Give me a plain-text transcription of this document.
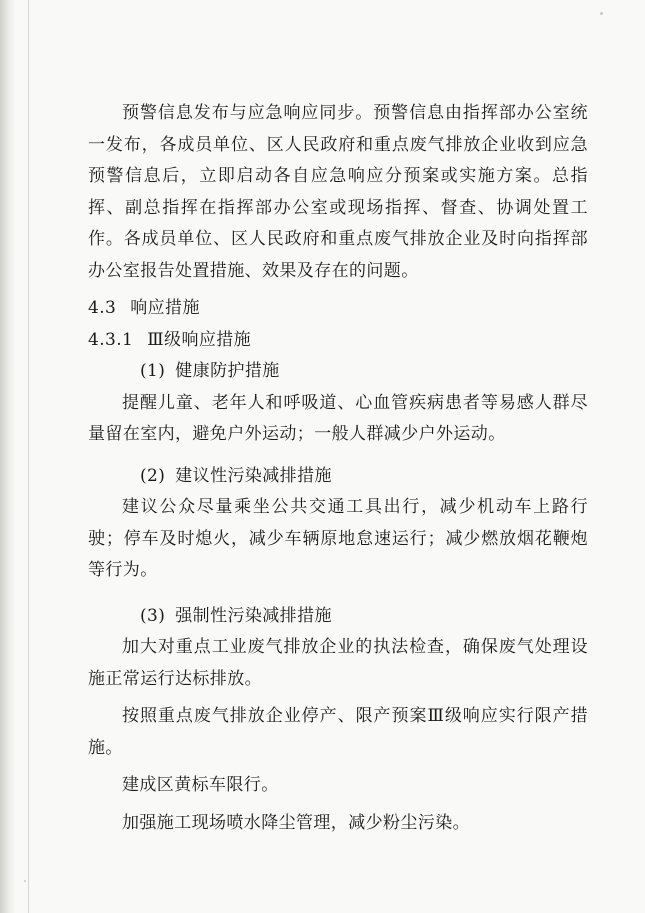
预警信息发布与应急响应同步。预警信息由指挥部办公室统一发布，各成员单位、区人民政府和重点废气排放企业收到应急预警信息后，立即启动各自应急响应分预案或实施方案。总指挥、副总指挥在指挥部办公室或现场指挥、督查、协调处置工作。各成员单位、区人民政府和重点废气排放企业及时向指挥部办公室报告处置措施、效果及存在的问题。

4.3 响应措施

4.3.1 Ⅲ级响应措施

(1) 健康防护措施

提醒儿童、老年人和呼吸道、心血管疾病患者等易感人群尽量留在室内，避免户外运动；一般人群减少户外运动。

(2) 建议性污染减排措施

建议公众尽量乘坐公共交通工具出行，减少机动车上路行驶；停车及时熄火，减少车辆原地怠速运行；减少燃放烟花鞭炮等行为。

(3) 强制性污染减排措施

加大对重点工业废气排放企业的执法检查，确保废气处理设施正常运行达标排放。

按照重点废气排放企业停产、限产预案Ⅲ级响应实行限产措施。

建成区黄标车限行。

加强施工现场喷水降尘管理，减少粉尘污染。
